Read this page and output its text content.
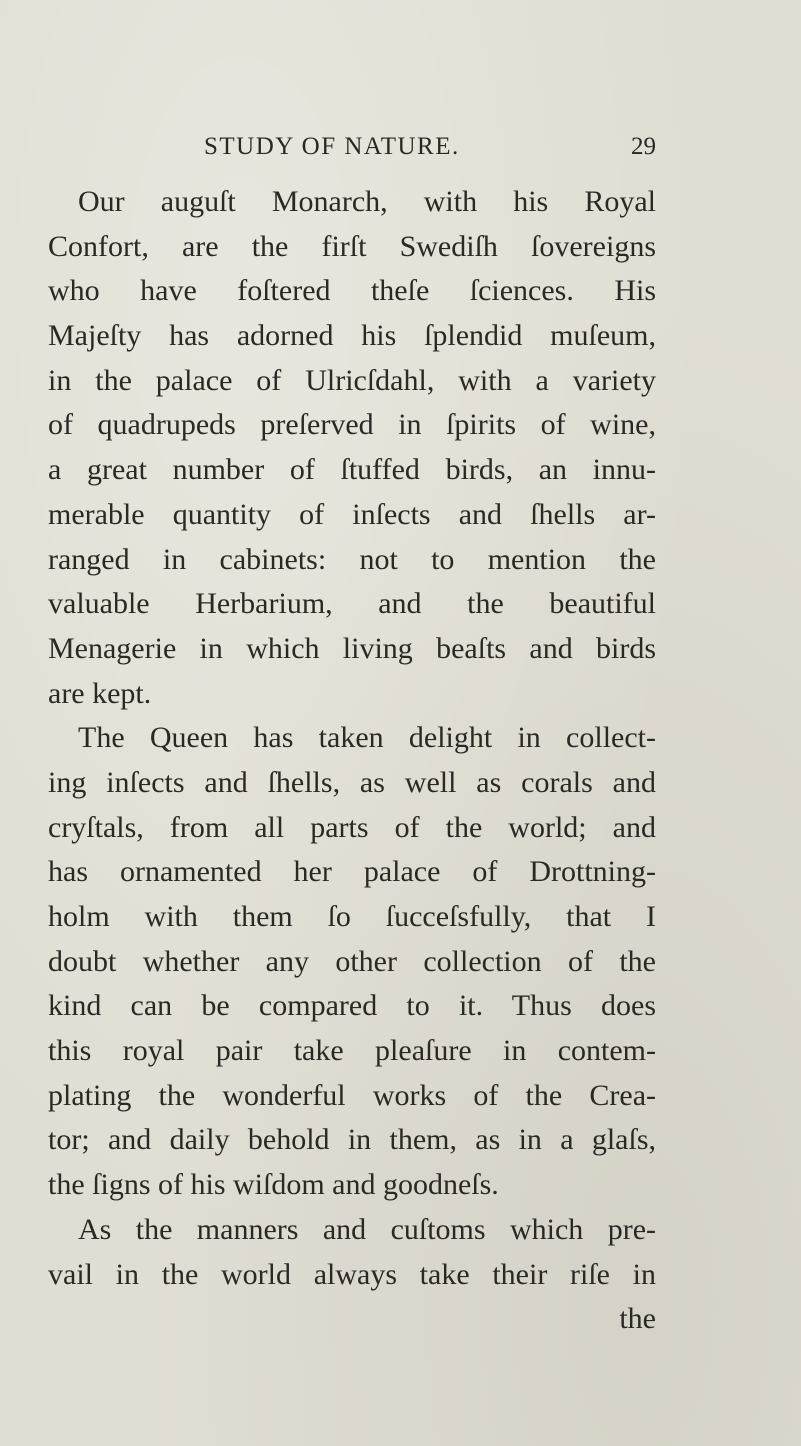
STUDY OF NATURE.	29
Our auguſt Monarch, with his Royal
Confort, are the firſt Swediſh ſovereigns
who have foſtered theſe ſciences. His
Majeſty has adorned his ſplendid muſeum,
in the palace of Ulricſdahl, with a variety
of quadrupeds preſerved in ſpirits of wine,
a great number of ſtuffed birds, an innu-
merable quantity of inſects and ſhells ar-
ranged in cabinets: not to mention the
valuable Herbarium, and the beautiful
Menagerie in which living beaſts and birds
are kept.
The Queen has taken delight in collect-
ing inſects and ſhells, as well as corals and
cryſtals, from all parts of the world; and
has ornamented her palace of Drottning-
holm with them ſo ſucceſsfully, that I
doubt whether any other collection of the
kind can be compared to it. Thus does
this royal pair take pleaſure in contem-
plating the wonderful works of the Crea-
tor; and daily behold in them, as in a glaſs,
the ſigns of his wiſdom and goodneſs.
As the manners and cuſtoms which pre-
vail in the world always take their riſe in
the
